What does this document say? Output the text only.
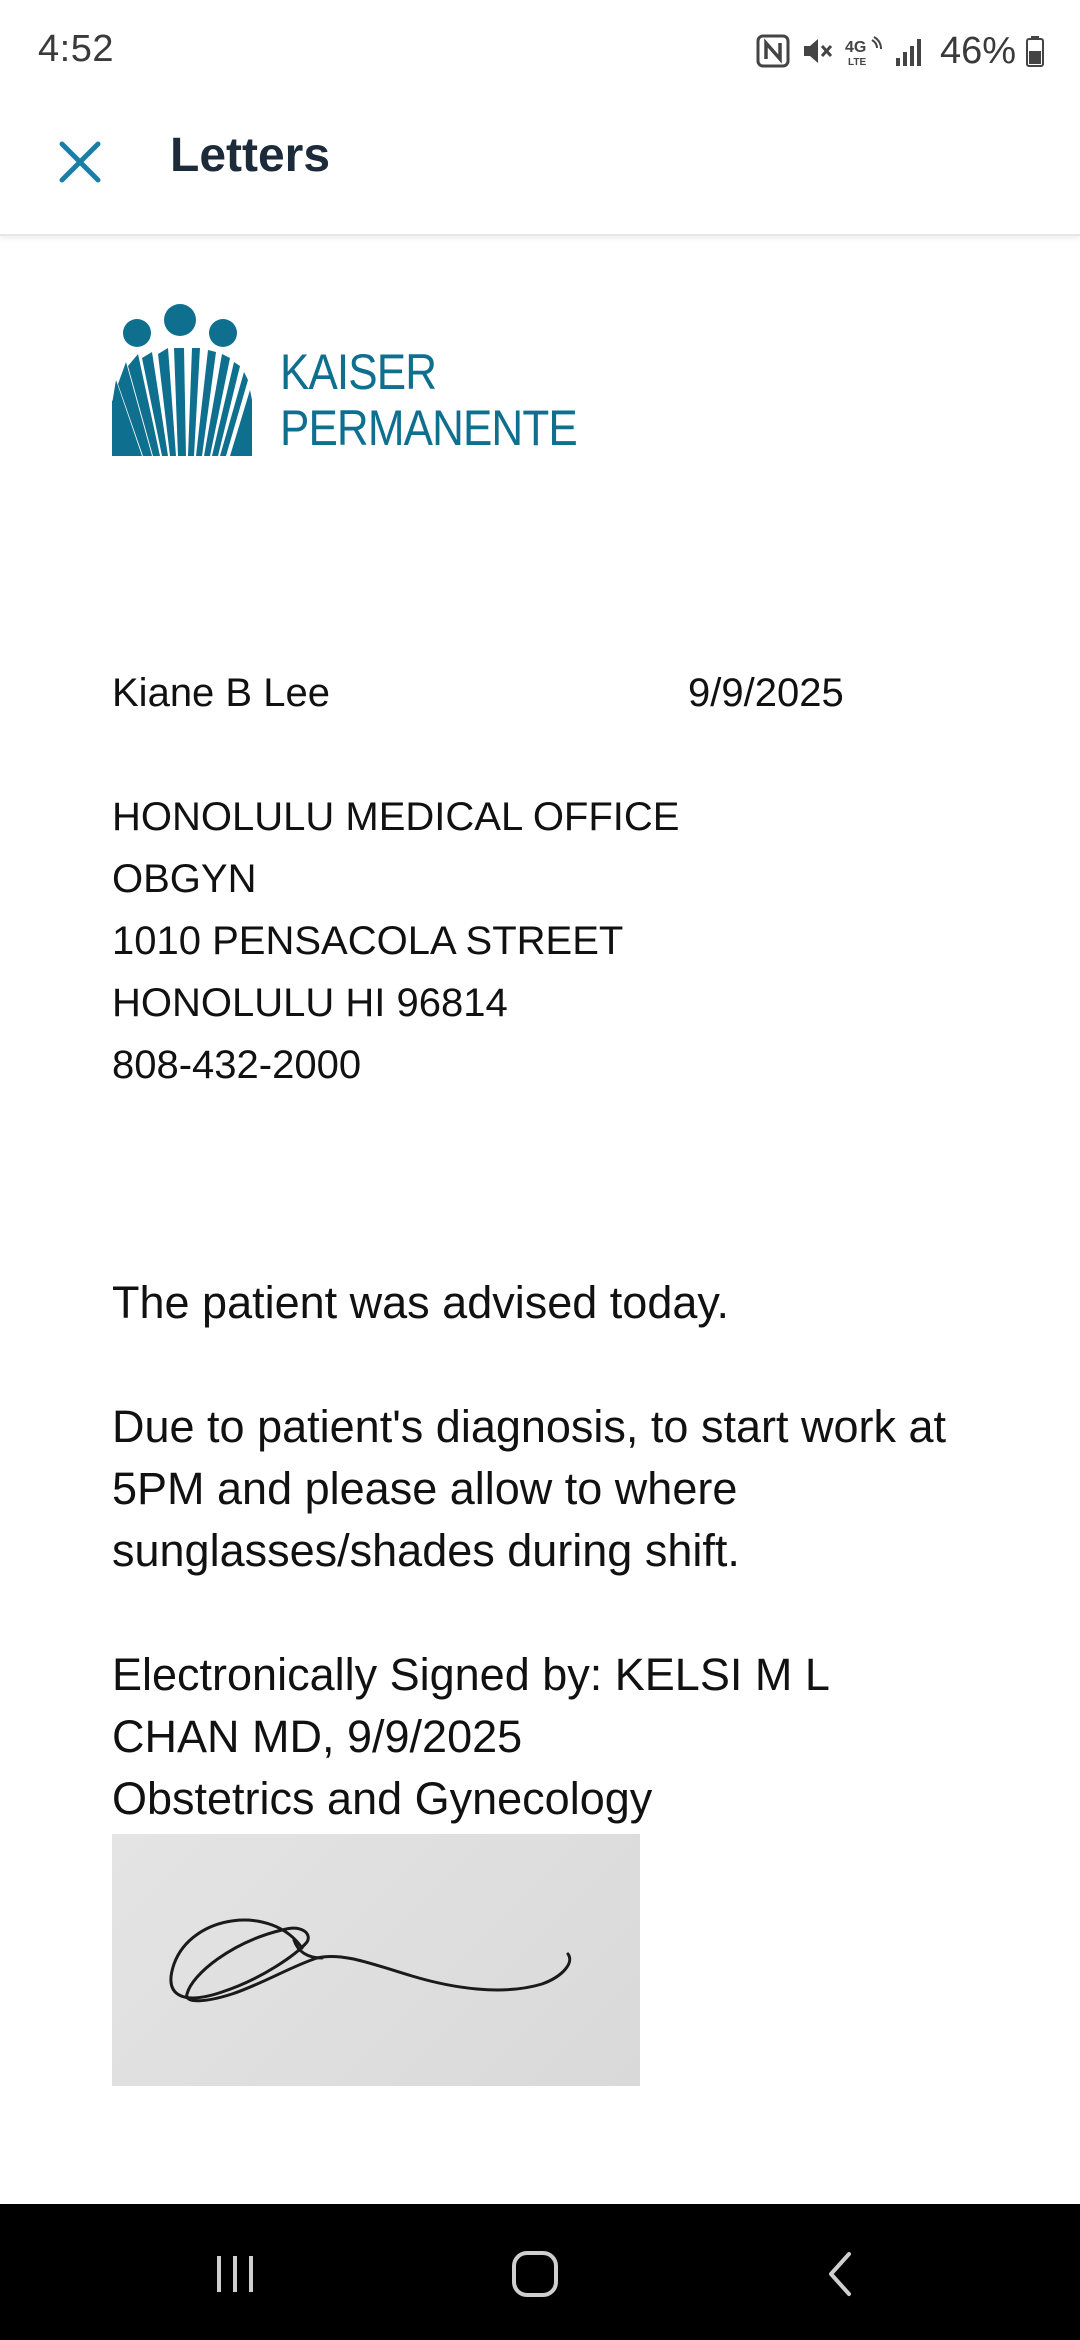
4:52	4G
LTE 46%
Letters
KAISER
PERMANENTE
Kiane B Lee	9/9/2025
HONOLULU MEDICAL OFFICE
OBGYN
1010 PENSACOLA STREET
HONOLULU HI 96814
808-432-2000
The patient was advised today.
Due to patient's diagnosis, to start work at 5PM and please allow to where sunglasses/shades during shift.
Electronically Signed by: KELSI M L CHAN MD, 9/9/2025
Obstetrics and Gynecology
